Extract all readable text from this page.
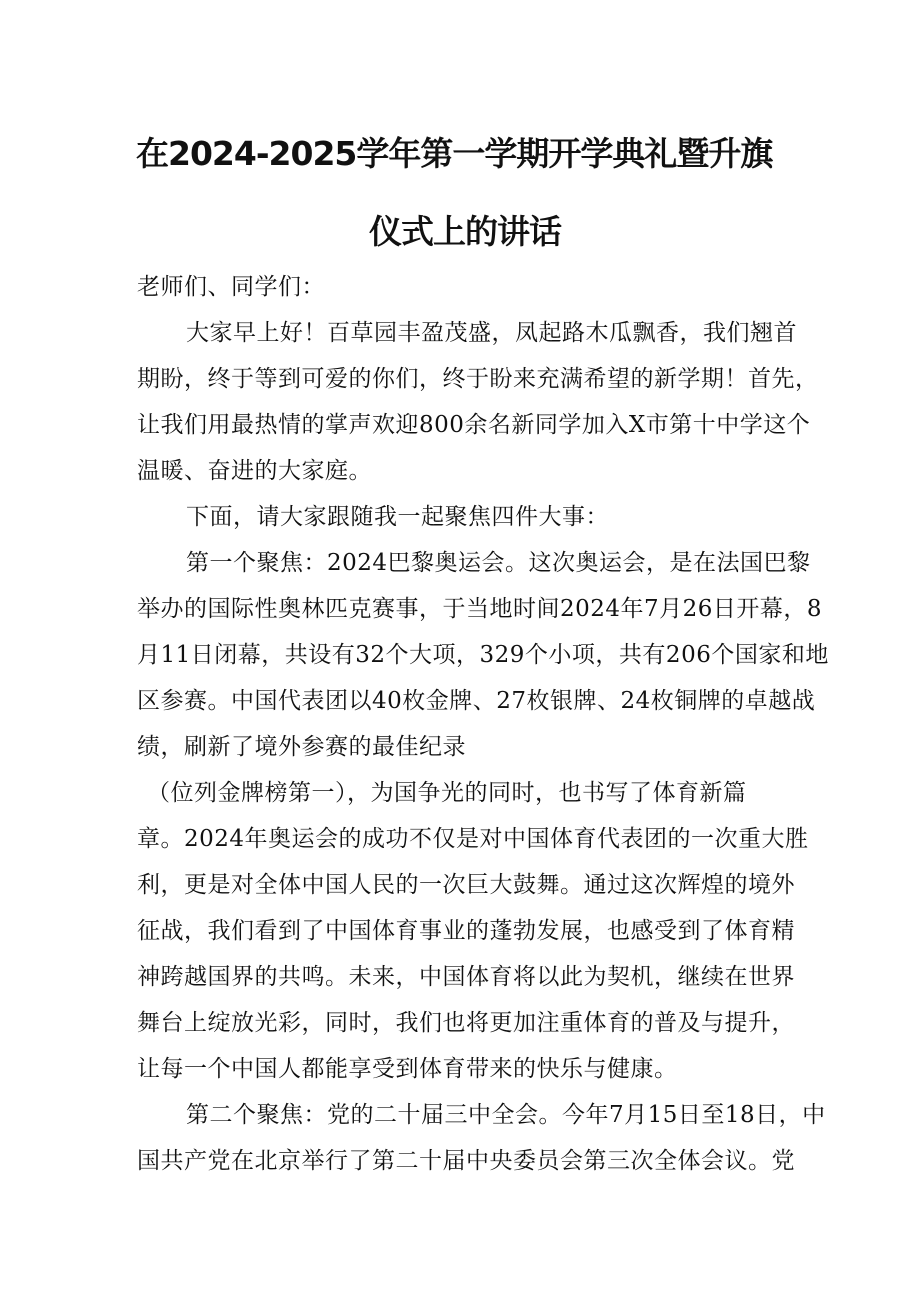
在2024-2025学年第一学期开学典礼暨升旗
仪式上的讲话

老师们、同学们：

大家早上好！百草园丰盈茂盛，凤起路木瓜飘香，我们翘首

期盼，终于等到可爱的你们，终于盼来充满希望的新学期！首先，

让我们用最热情的掌声欢迎800余名新同学加入X市第十中学这个

温暖、奋进的大家庭。

下面，请大家跟随我一起聚焦四件大事：

第一个聚焦：2024巴黎奥运会。这次奥运会，是在法国巴黎

举办的国际性奥林匹克赛事，于当地时间2024年7月26日开幕，8

月11日闭幕，共设有32个大项，329个小项，共有206个国家和地

区参赛。中国代表团以40枚金牌、27枚银牌、24枚铜牌的卓越战

绩，刷新了境外参赛的最佳纪录

（位列金牌榜第一），为国争光的同时，也书写了体育新篇

章。2024年奥运会的成功不仅是对中国体育代表团的一次重大胜

利，更是对全体中国人民的一次巨大鼓舞。通过这次辉煌的境外

征战，我们看到了中国体育事业的蓬勃发展，也感受到了体育精

神跨越国界的共鸣。未来，中国体育将以此为契机，继续在世界

舞台上绽放光彩，同时，我们也将更加注重体育的普及与提升，

让每一个中国人都能享受到体育带来的快乐与健康。

第二个聚焦：党的二十届三中全会。今年7月15日至18日，中

国共产党在北京举行了第二十届中央委员会第三次全体会议。党
